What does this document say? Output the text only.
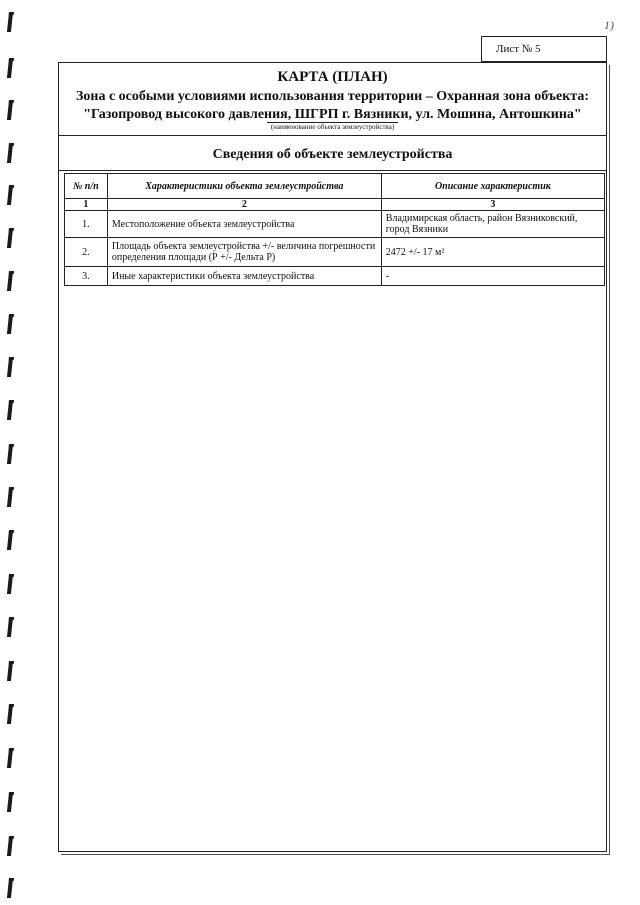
1)
Лист № 5
КАРТА (ПЛАН)
Зона с особыми условиями использования территории – Охранная зона объекта:
"Газопровод высокого давления, ШГРП г. Вязники, ул. Мошина, Антошкина"
(наименование объекта землеустройства)
Сведения об объекте землеустройства
№ п/п	Характеристики объекта землеустройства	Описание характеристик
1	2	3
1.	Местоположение объекта землеустройства	Владимирская область, район Вязниковский, город Вязники
2.	Площадь объекта землеустройства +/- величина погрешности определения площади (Р +/- Дельта Р)	2472 +/- 17 м²
3.	Иные характеристики объекта землеустройства	-
